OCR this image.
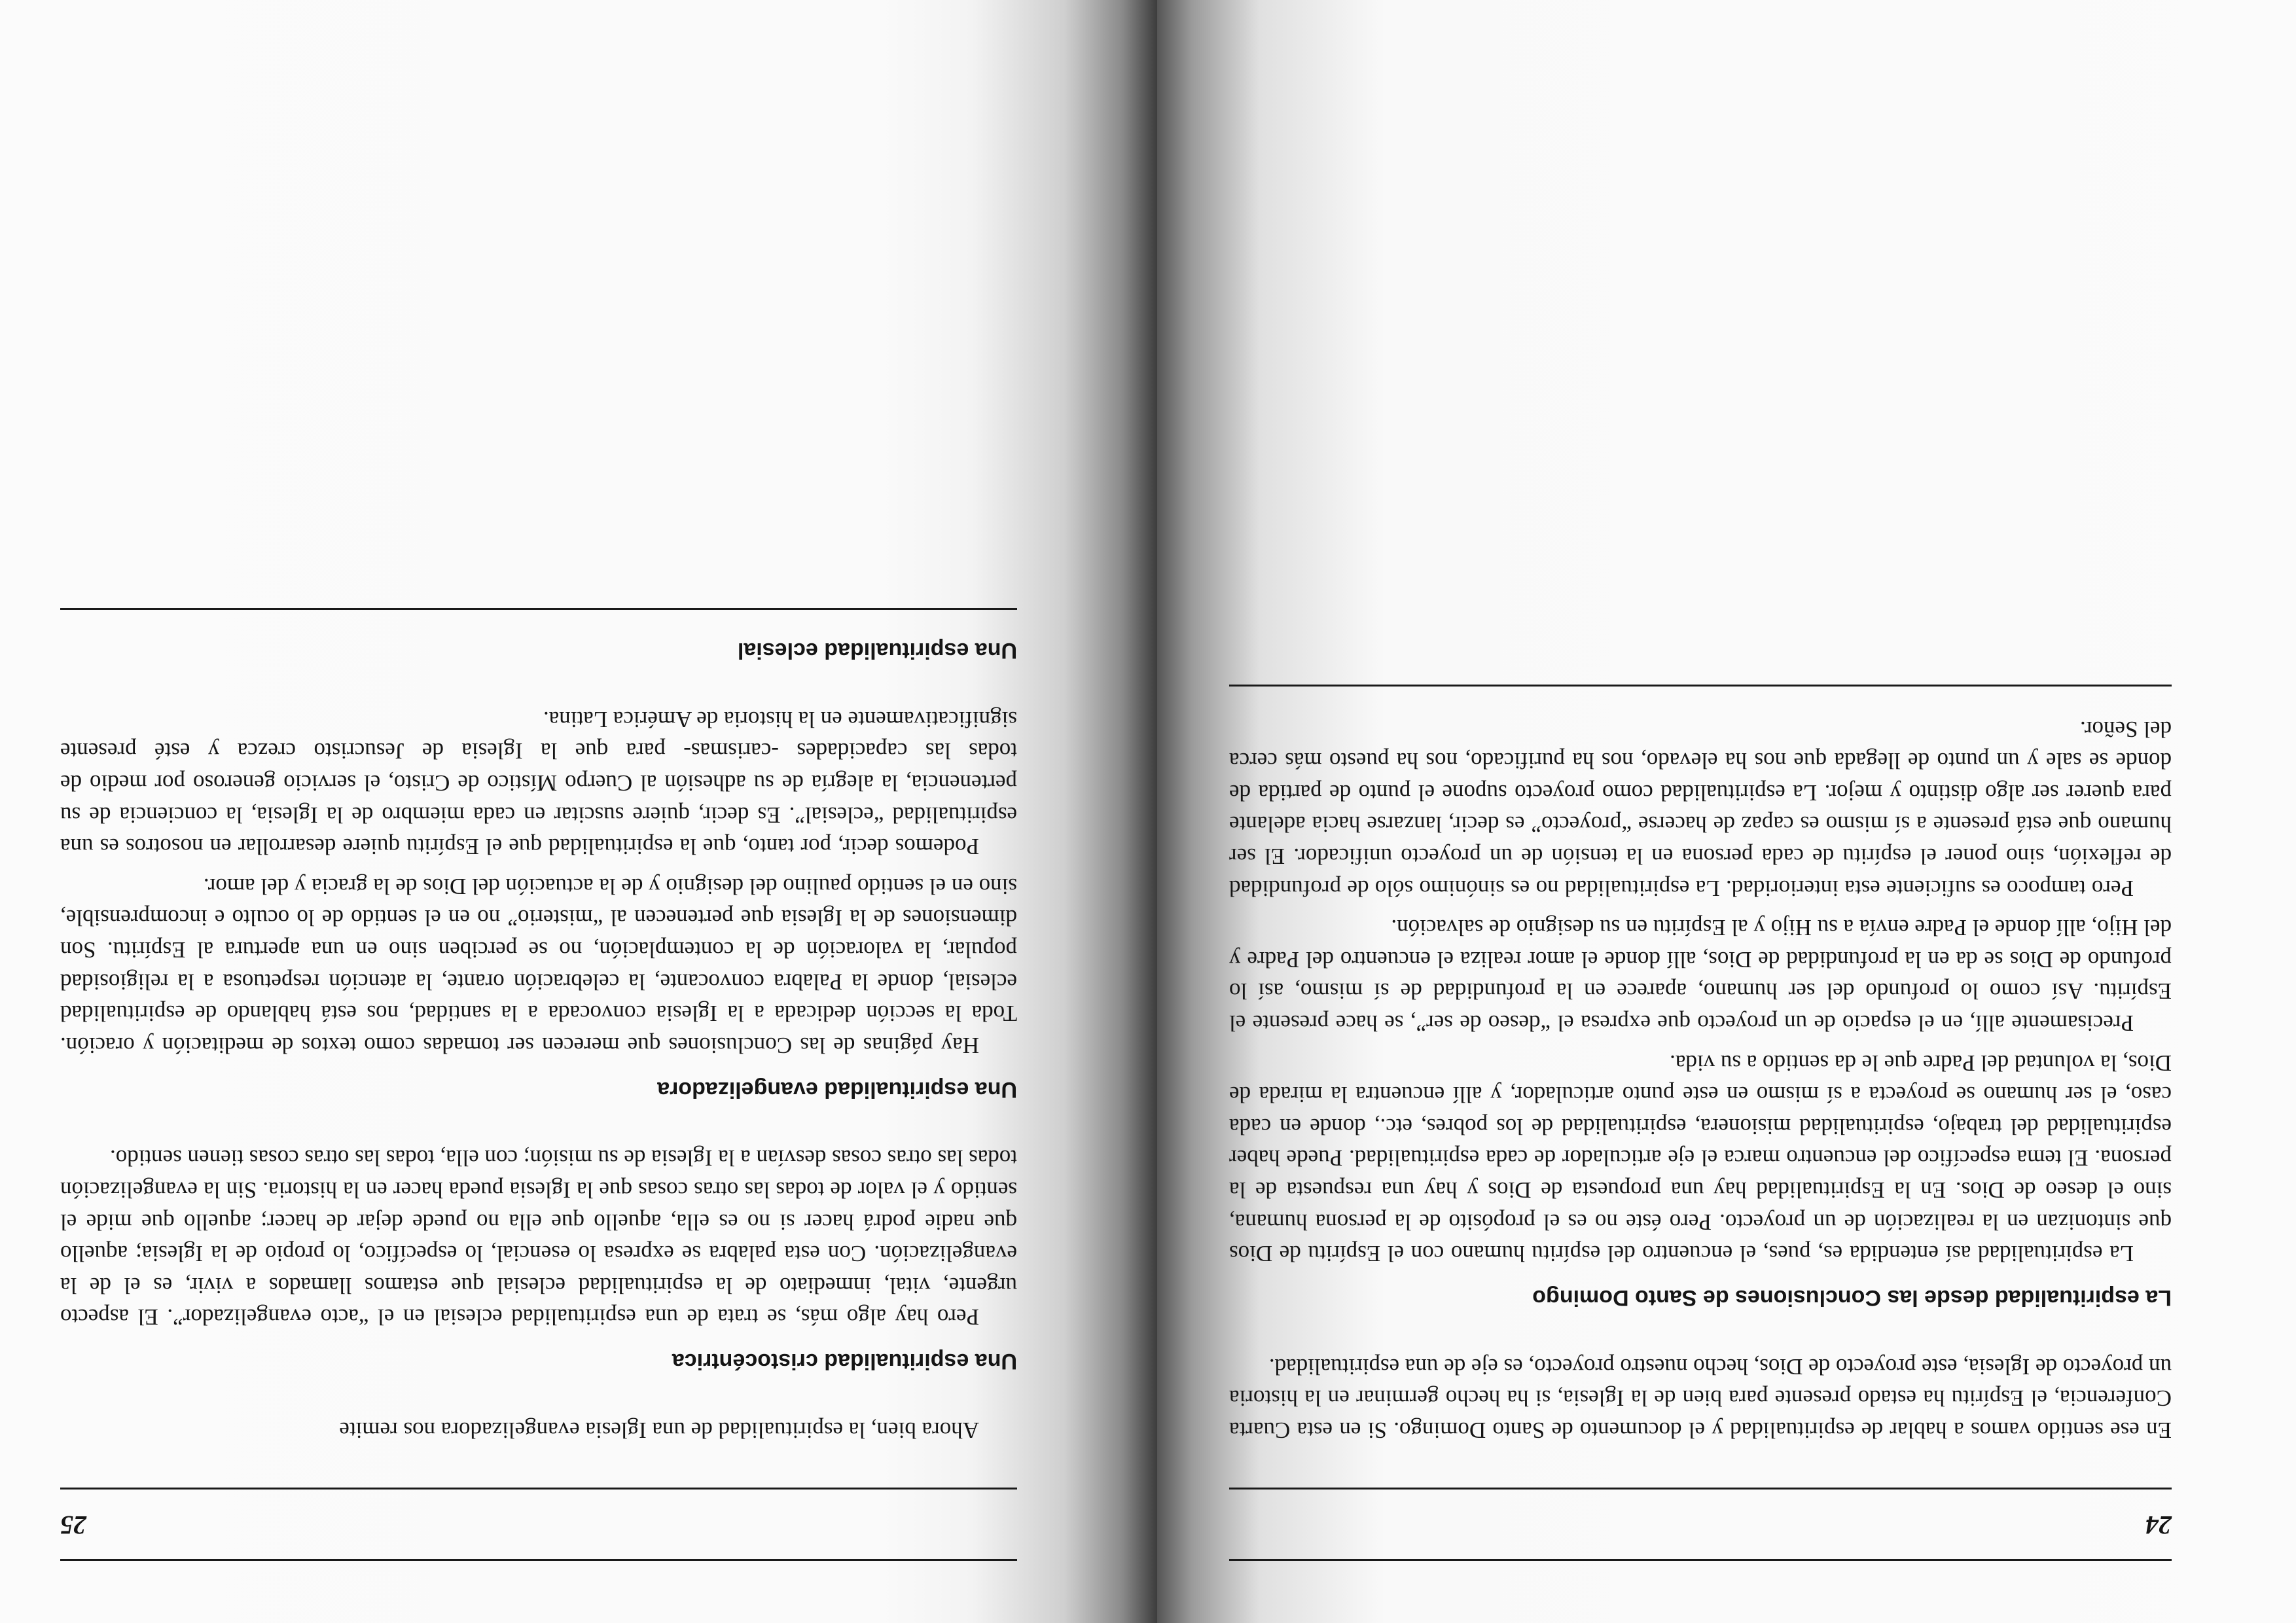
24

En ese sentido vamos a hablar de espiritualidad y el documento de Santo Domingo. Si en esta Cuarta Conferencia, el Espíritu ha estado presente para bien de la Iglesia, si ha hecho germinar en la historia un proyecto de Iglesia, este proyecto de Dios, hecho nuestro proyecto, es eje de una espiritualidad.

La espiritualidad desde las Conclusiones de Santo Domingo

La espiritualidad así entendida es, pues, el encuentro del espíritu humano con el Espíritu de Dios que sintonizan en la realización de un proyecto. Pero éste no es el propósito de la persona humana, sino el deseo de Dios. En la Espiritualidad hay una propuesta de Dios y hay una respuesta de la persona. El tema específico del encuentro marca el eje articulador de cada espiritualidad. Puede haber espiritualidad del trabajo, espiritualidad misionera, espiritualidad de los pobres, etc., donde en cada caso, el ser humano se proyecta a sí mismo en este punto articulador, y allí encuentra la mirada de Dios, la voluntad del Padre que le da sentido a su vida.

Precisamente allí, en el espacio de un proyecto que expresa el “deseo de ser”, se hace presente el Espíritu. Así como lo profundo del ser humano, aparece en la profundidad de sí mismo, así lo profundo de Dios se da en la profundidad de Dios, allí donde el amor realiza el encuentro del Padre y del Hijo, allí donde el Padre envía a su Hijo y al Espíritu en su designio de salvación.

Pero tampoco es suficiente esta interioridad. La espiritualidad no es sinónimo sólo de profundidad de reflexión, sino poner el espíritu de cada persona en la tensión de un proyecto unificador. El ser humano que está presente a sí mismo es capaz de hacerse “proyecto” es decir, lanzarse hacia adelante para querer ser algo distinto y mejor. La espiritualidad como proyecto supone el punto de partida de donde se sale y un punto de llegada que nos ha elevado, nos ha purificado, nos ha puesto más cerca del Señor.

25

Ahora bien, la espiritualidad de una Iglesia evangelizadora nos remite

Una espiritualidad cristocéntrica

Pero hay algo más, se trata de una espiritualidad eclesial en el “acto evangelizador”. El aspecto urgente, vital, inmediato de la espiritualidad eclesial que estamos llamados a vivir, es el de la evangelización. Con esta palabra se expresa lo esencial, lo específico, lo propio de la Iglesia; aquello que nadie podrá hacer si no es ella, aquello que ella no puede dejar de hacer; aquello que mide el sentido y el valor de todas las otras cosas que la Iglesia pueda hacer en la historia. Sin la evangelización todas las otras cosas desvían a la Iglesia de su misión; con ella, todas las otras cosas tienen sentido.

Una espiritualidad evangelizadora

Hay páginas de las Conclusiones que merecen ser tomadas como textos de meditación y oración. Toda la sección dedicada a la Iglesia convocada a la santidad, nos está hablando de espiritualidad eclesial, donde la Palabra convocante, la celebración orante, la atención respetuosa a la religiosidad popular, la valoración de la contemplación, no se perciben sino en una apertura al Espíritu. Son dimensiones de la Iglesia que pertenecen al “misterio” no en el sentido de lo oculto e incomprensible, sino en el sentido paulino del designio y de la actuación del Dios de la gracia y del amor.

Podemos decir, por tanto, que la espiritualidad que el Espíritu quiere desarrollar en nosotros es una espiritualidad “eclesial”. Es decir, quiere suscitar en cada miembro de la Iglesia, la conciencia de su pertenencia, la alegría de su adhesión al Cuerpo Místico de Cristo, el servicio generoso por medio de todas las capacidades -carismas- para que la Iglesia de Jesucristo crezca y esté presente significativamente en la historia de América Latina.

Una espiritualidad eclesial
